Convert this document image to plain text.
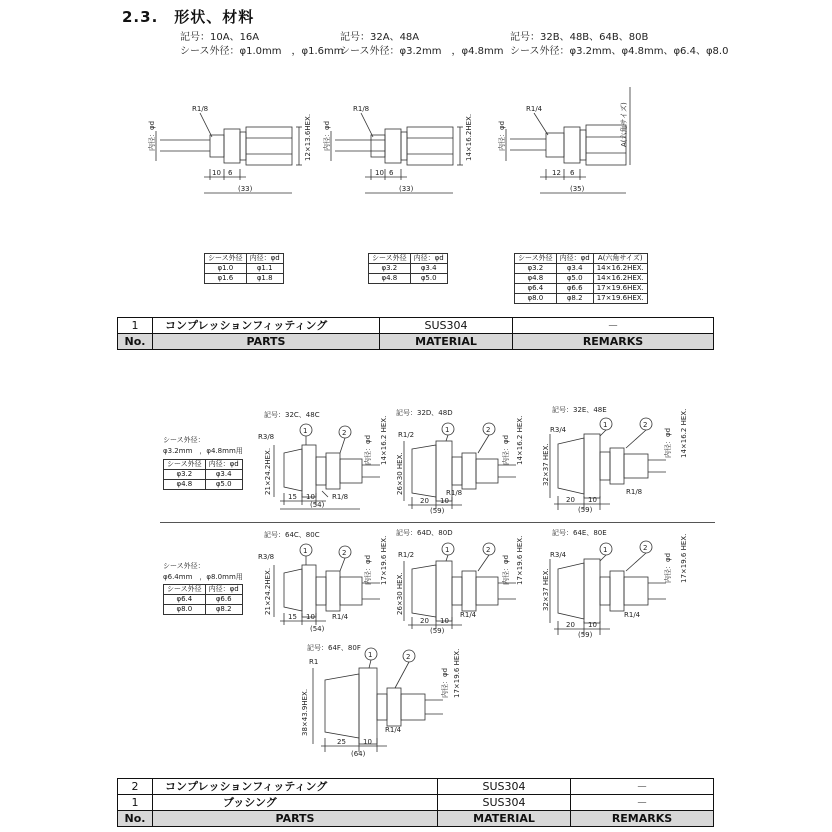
2.3.　形状、材料
記号：10A、16A
シース外径：φ1.0mm　，φ1.6mm
記号：32A、48A
シース外径：φ3.2mm　，φ4.8mm
記号：32B、48B、64B、80B
シース外径：φ3.2mm、φ4.8mm、φ6.4、φ8.0
R1/8
内径：φd	12×13.6HEX.
10 6
(33)
R1/8
内径：φd	14×16.2HEX.
10 6
(33)
R1/4
内径：φd	A(六角サイズ)
12 6
(35)
シース外径	内径：φd
φ1.0	φ1.1
φ1.6	φ1.8
シース外径	内径：φd
φ3.2	φ3.4
φ4.8	φ5.0
シース外径	内径：φd	A(六角サイズ)
φ3.2	φ3.4	14×16.2HEX.
φ4.8	φ5.0	14×16.2HEX.
φ6.4	φ6.6	17×19.6HEX.
φ8.0	φ8.2	17×19.6HEX.
1	コンプレッションフィッティング	SUS304	－
No.	PARTS	MATERIAL	REMARKS
シース外径：
φ3.2mm　，φ4.8mm用
シース外径	内径：φd
φ3.2	φ3.4
φ4.8	φ5.0
シース外径：
φ6.4mm　，φ8.0mm用
シース外径	内径：φd
φ6.4	φ6.6
φ8.0	φ8.2
記号：32C、48C
R3/8
R1/8
21×24.2HEX.
14×16.2 HEX.
内径：φd
15 10
(54)
1	2
記号：32D、48D
R1/2
R1/8
26×30 HEX.
14×16.2 HEX.
内径：φd
20 10
(59)
1	2
記号：32E、48E
R3/4
R1/8
32×37 HEX.
14×16.2 HEX.
内径：φd
20 10
(59)
1	2
記号：64C、80C
R3/8
R1/4
21×24.2HEX.
17×19.6 HEX.
内径：φd
15 10
(54)
1	2
記号：64D、80D
R1/2
R1/4
26×30 HEX.
17×19.6 HEX.
内径：φd
20 10
(59)
1	2
記号：64E、80E
R3/4
R1/4
32×37 HEX.
17×19.6 HEX.
内径：φd
20 10
(59)
1	2
記号：64F、80F
R1
R1/4
38×43.9HEX.
17×19.6 HEX.
内径：φd
25 10
(64)
1	2
2	コンプレッションフィッティング	SUS304	－
1	ブッシング	SUS304	－
No.	PARTS	MATERIAL	REMARKS
